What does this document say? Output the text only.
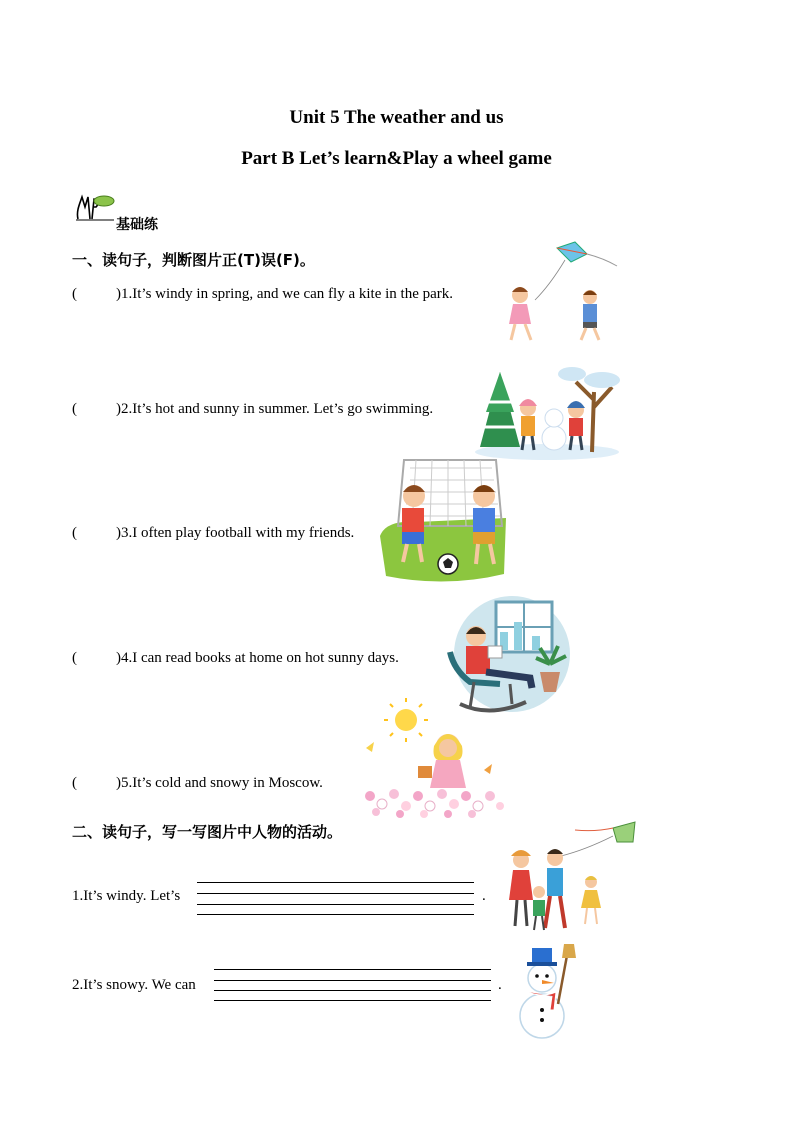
Unit 5 The weather and us
Part B Let’s learn&Play a wheel game
基础练
一、读句子，判断图片正(T)误(F)。
(	)1.It’s windy in spring, and we can fly a kite in the park.
(	)2.It’s hot and sunny in summer. Let’s go swimming.
(	)3.I often play football with my friends.
(	)4.I can read books at home on hot sunny days.
(	)5.It’s cold and snowy in Moscow.
二、读句子，写一写图片中人物的活动。
1.It’s windy. Let’s	.
2.It’s snowy. We can	.
